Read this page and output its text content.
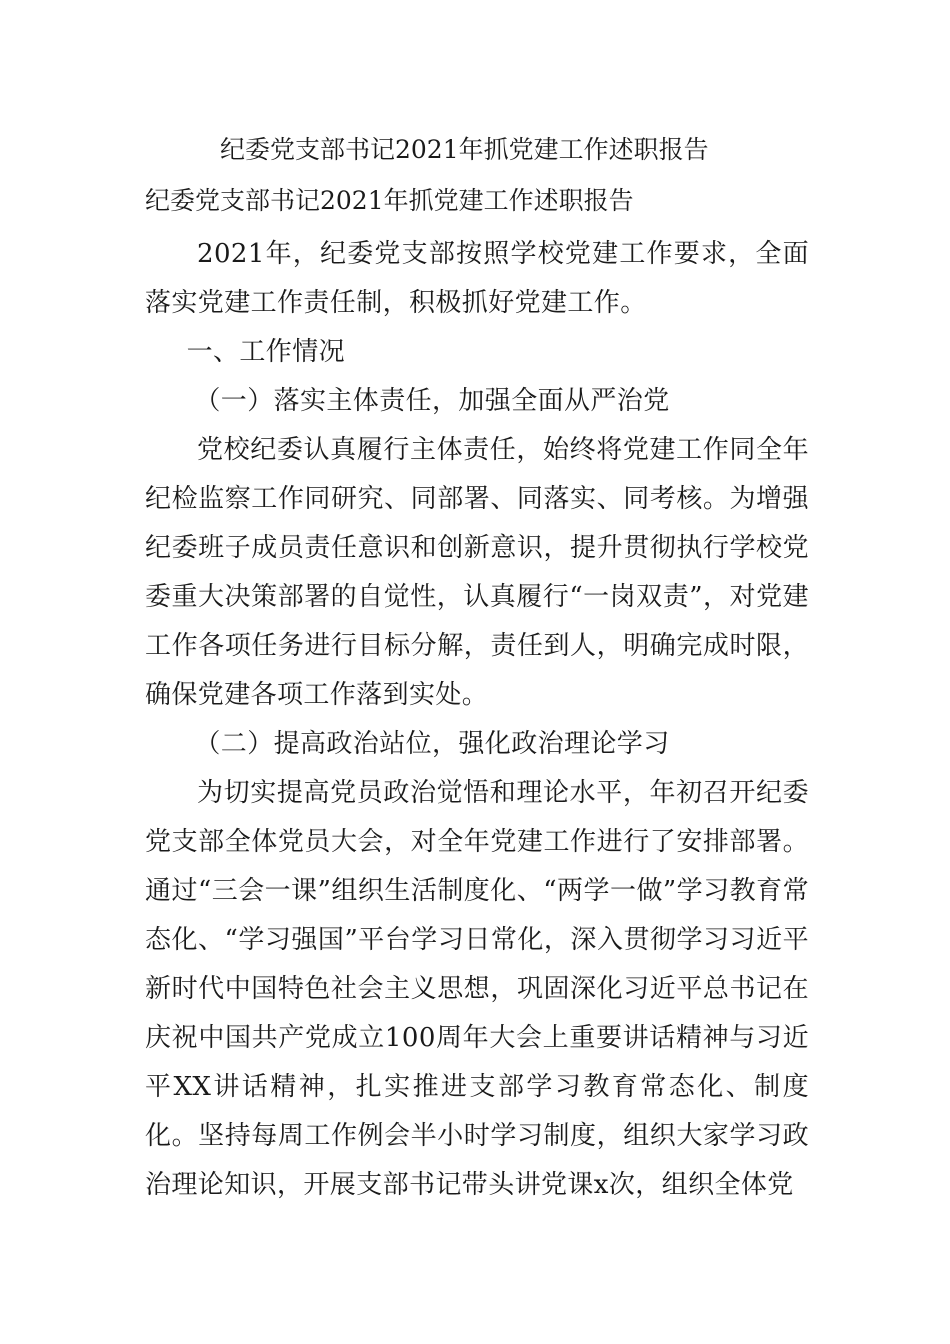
纪委党支部书记2021年抓党建工作述职报告
纪委党支部书记2021年抓党建工作述职报告

2021年，纪委党支部按照学校党建工作要求，全面落实党建工作责任制，积极抓好党建工作。

一、工作情况

（一）落实主体责任，加强全面从严治党

党校纪委认真履行主体责任，始终将党建工作同全年纪检监察工作同研究、同部署、同落实、同考核。为增强纪委班子成员责任意识和创新意识，提升贯彻执行学校党委重大决策部署的自觉性，认真履行“一岗双责”，对党建工作各项任务进行目标分解，责任到人，明确完成时限，确保党建各项工作落到实处。

（二）提高政治站位，强化政治理论学习

为切实提高党员政治觉悟和理论水平，年初召开纪委党支部全体党员大会，对全年党建工作进行了安排部署。通过“三会一课”组织生活制度化、“两学一做”学习教育常态化、“学习强国”平台学习日常化，深入贯彻学习习近平新时代中国特色社会主义思想，巩固深化习近平总书记在庆祝中国共产党成立100周年大会上重要讲话精神与习近平XX讲话精神，扎实推进支部学习教育常态化、制度化。坚持每周工作例会半小时学习制度，组织大家学习政治理论知识，开展支部书记带头讲党课x次，组织全体党
